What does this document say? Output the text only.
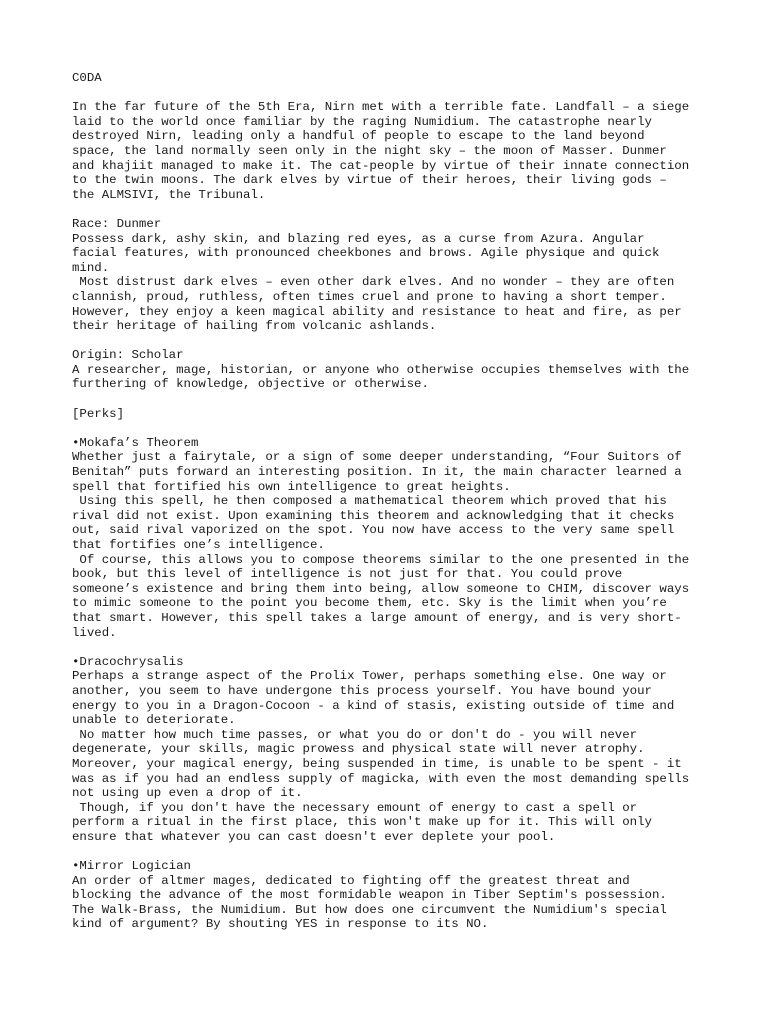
C0DA
In the far future of the 5th Era, Nirn met with a terrible fate. Landfall – a siege
laid to the world once familiar by the raging Numidium. The catastrophe nearly
destroyed Nirn, leading only a handful of people to escape to the land beyond
space, the land normally seen only in the night sky – the moon of Masser. Dunmer
and khajiit managed to make it. The cat-people by virtue of their innate connection
to the twin moons. The dark elves by virtue of their heroes, their living gods –
the ALMSIVI, the Tribunal.
Race: Dunmer
Possess dark, ashy skin, and blazing red eyes, as a curse from Azura. Angular
facial features, with pronounced cheekbones and brows. Agile physique and quick
mind.
Most distrust dark elves – even other dark elves. And no wonder – they are often
clannish, proud, ruthless, often times cruel and prone to having a short temper.
However, they enjoy a keen magical ability and resistance to heat and fire, as per
their heritage of hailing from volcanic ashlands.
Origin: Scholar
A researcher, mage, historian, or anyone who otherwise occupies themselves with the
furthering of knowledge, objective or otherwise.
[Perks]
•Mokafa’s Theorem
Whether just a fairytale, or a sign of some deeper understanding, “Four Suitors of
Benitah” puts forward an interesting position. In it, the main character learned a
spell that fortified his own intelligence to great heights.
Using this spell, he then composed a mathematical theorem which proved that his
rival did not exist. Upon examining this theorem and acknowledging that it checks
out, said rival vaporized on the spot. You now have access to the very same spell
that fortifies one’s intelligence.
Of course, this allows you to compose theorems similar to the one presented in the
book, but this level of intelligence is not just for that. You could prove
someone’s existence and bring them into being, allow someone to CHIM, discover ways
to mimic someone to the point you become them, etc. Sky is the limit when you’re
that smart. However, this spell takes a large amount of energy, and is very short-
lived.
•Dracochrysalis
Perhaps a strange aspect of the Prolix Tower, perhaps something else. One way or
another, you seem to have undergone this process yourself. You have bound your
energy to you in a Dragon-Cocoon - a kind of stasis, existing outside of time and
unable to deteriorate.
No matter how much time passes, or what you do or don't do - you will never
degenerate, your skills, magic prowess and physical state will never atrophy.
Moreover, your magical energy, being suspended in time, is unable to be spent - it
was as if you had an endless supply of magicka, with even the most demanding spells
not using up even a drop of it.
Though, if you don't have the necessary emount of energy to cast a spell or
perform a ritual in the first place, this won't make up for it. This will only
ensure that whatever you can cast doesn't ever deplete your pool.
•Mirror Logician
An order of altmer mages, dedicated to fighting off the greatest threat and
blocking the advance of the most formidable weapon in Tiber Septim's possession.
The Walk-Brass, the Numidium. But how does one circumvent the Numidium's special
kind of argument? By shouting YES in response to its NO.
